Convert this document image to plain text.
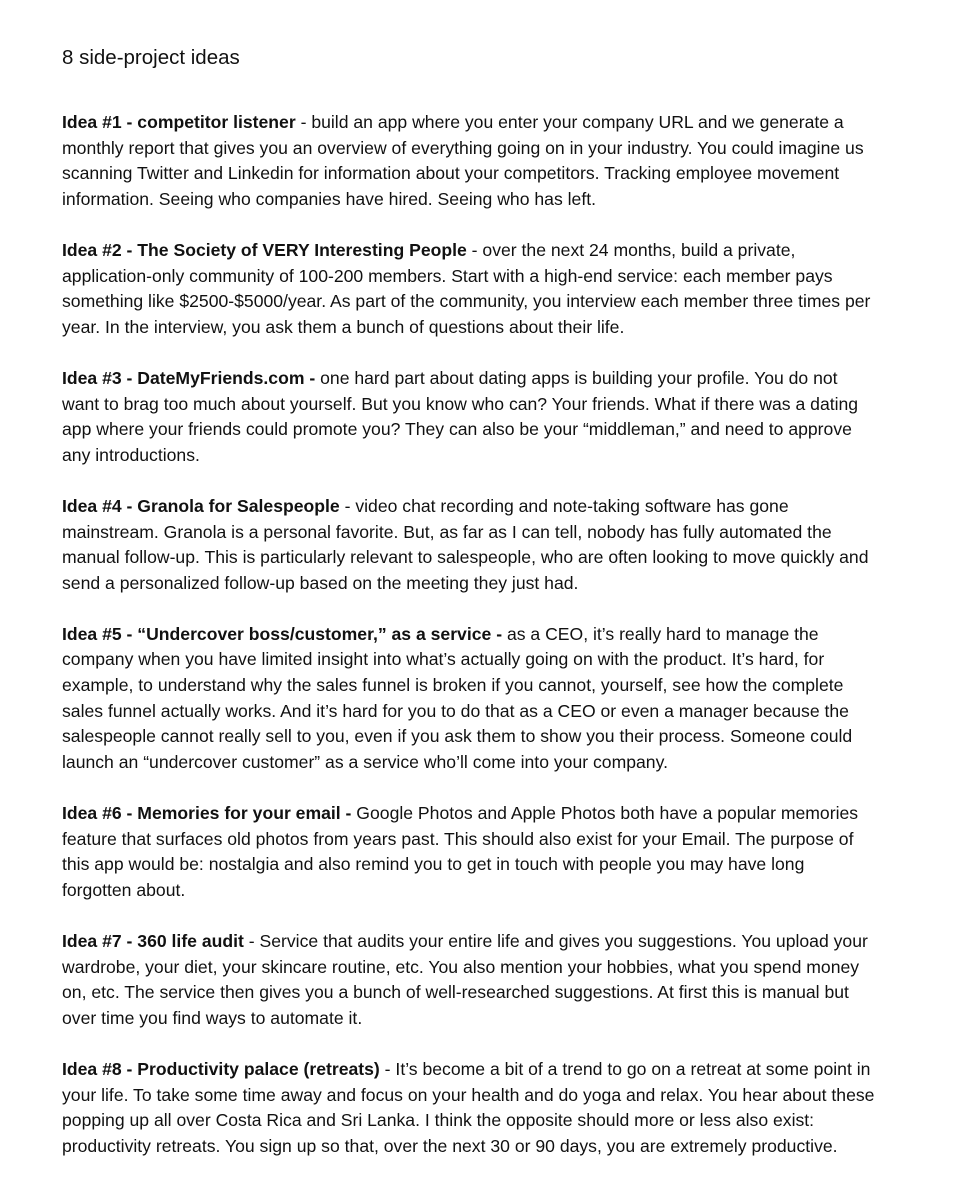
8 side-project ideas

Idea #1 - competitor listener - build an app where you enter your company URL and we generate a monthly report that gives you an overview of everything going on in your industry. You could imagine us scanning Twitter and Linkedin for information about your competitors. Tracking employee movement information. Seeing who companies have hired. Seeing who has left.

Idea #2 - The Society of VERY Interesting People - over the next 24 months, build a private, application-only community of 100-200 members. Start with a high-end service: each member pays something like $2500-$5000/year. As part of the community, you interview each member three times per year. In the interview, you ask them a bunch of questions about their life.

Idea #3 - DateMyFriends.com - one hard part about dating apps is building your profile. You do not want to brag too much about yourself. But you know who can? Your friends. What if there was a dating app where your friends could promote you? They can also be your “middleman,” and need to approve any introductions.

Idea #4 - Granola for Salespeople - video chat recording and note-taking software has gone mainstream. Granola is a personal favorite. But, as far as I can tell, nobody has fully automated the manual follow-up. This is particularly relevant to salespeople, who are often looking to move quickly and send a personalized follow-up based on the meeting they just had.

Idea #5 - “Undercover boss/customer,” as a service - as a CEO, it’s really hard to manage the company when you have limited insight into what’s actually going on with the product. It’s hard, for example, to understand why the sales funnel is broken if you cannot, yourself, see how the complete sales funnel actually works. And it’s hard for you to do that as a CEO or even a manager because the salespeople cannot really sell to you, even if you ask them to show you their process. Someone could launch an “undercover customer” as a service who’ll come into your company.

Idea #6 - Memories for your email - Google Photos and Apple Photos both have a popular memories feature that surfaces old photos from years past. This should also exist for your Email. The purpose of this app would be: nostalgia and also remind you to get in touch with people you may have long forgotten about.

Idea #7 - 360 life audit - Service that audits your entire life and gives you suggestions. You upload your wardrobe, your diet, your skincare routine, etc. You also mention your hobbies, what you spend money on, etc. The service then gives you a bunch of well-researched suggestions. At first this is manual but over time you find ways to automate it.

Idea #8 - Productivity palace (retreats) - It’s become a bit of a trend to go on a retreat at some point in your life. To take some time away and focus on your health and do yoga and relax. You hear about these popping up all over Costa Rica and Sri Lanka. I think the opposite should more or less also exist: productivity retreats. You sign up so that, over the next 30 or 90 days, you are extremely productive.
